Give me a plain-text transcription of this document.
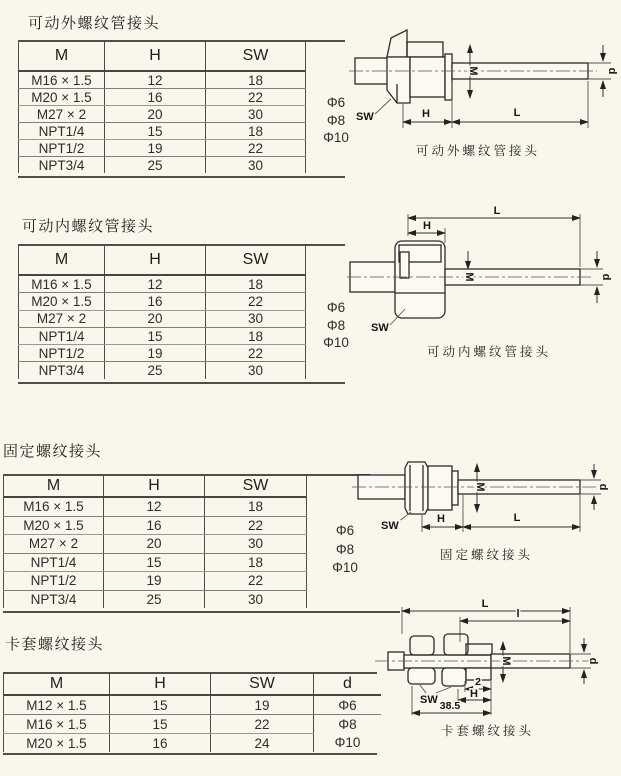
可动外螺纹管接头
M	H	SW
M16 × 1.5	12	18
M20 × 1.5	16	22
M27 × 2	20	30
NPT1/4	15	18
NPT1/2	19	22
NPT3/4	25	30
Φ6
Φ8
Φ10
M	d
H	L
SW
可动外螺纹管接头
可动内螺纹管接头
M	H	SW
M16 × 1.5	12	18
M20 × 1.5	16	22
M27 × 2	20	30
NPT1/4	15	18
NPT1/2	19	22
NPT3/4	25	30
Φ6
Φ8
Φ10
L
H
M	d
SW
可动内螺纹管接头
固定螺纹接头
M	H	SW
M16 × 1.5	12	18
M20 × 1.5	16	22
M27 × 2	20	30
NPT1/4	15	18
NPT1/2	19	22
NPT3/4	25	30
Φ6
Φ8
Φ10
M	d
H	L
SW
固定螺纹接头
卡套螺纹接头
M	H	SW	d
M12 × 1.5	15	19	Φ6
M16 × 1.5	15	22	Φ8
M20 × 1.5	16	24	Φ10
L
l
M	d
2
H
38.5
SW
卡套螺纹接头
